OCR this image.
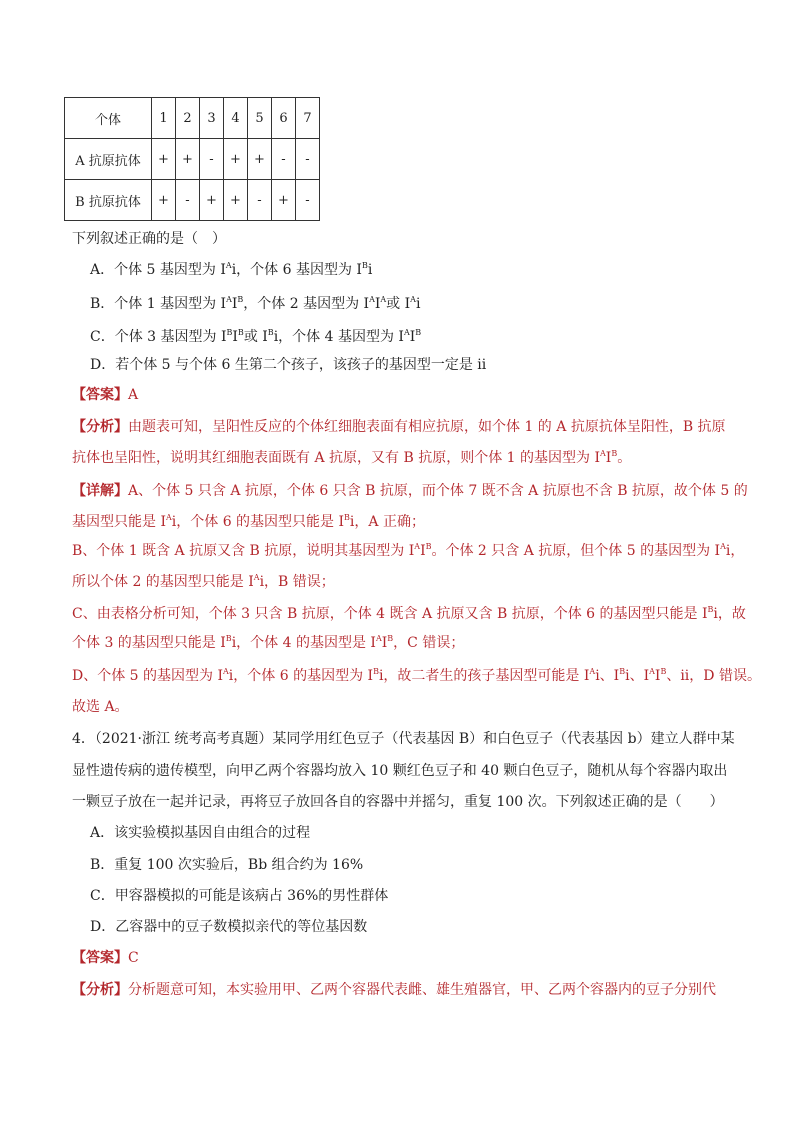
个体	1	2	3	4	5	6	7
A 抗原抗体	+	+	-	+	+	-	-
B 抗原抗体	+	-	+	+	-	+	-
下列叙述正确的是（　）
A．个体 5 基因型为 $I^Ai$，个体 6 基因型为 $I^Bi$
B．个体 1 基因型为 $I^AI^B$，个体 2 基因型为 $I^AI^A$或 $I^Ai$
C．个体 3 基因型为 $I^BI^B$或 $I^Bi$，个体 4 基因型为 $I^AI^B$
D．若个体 5 与个体 6 生第二个孩子，该孩子的基因型一定是 ii
【答案】A
【分析】由题表可知，呈阳性反应的个体红细胞表面有相应抗原，如个体 1 的 A 抗原抗体呈阳性，B 抗原
抗体也呈阳性，说明其红细胞表面既有 A 抗原，又有 B 抗原，则个体 1 的基因型为 $I^AI^B$。
【详解】A、个体 5 只含 A 抗原，个体 6 只含 B 抗原，而个体 7 既不含 A 抗原也不含 B 抗原，故个体 5 的
基因型只能是 $I^Ai$，个体 6 的基因型只能是 $I^Bi$，A 正确；
B、个体 1 既含 A 抗原又含 B 抗原，说明其基因型为 $I^AI^B$。个体 2 只含 A 抗原，但个体 5 的基因型为 $I^Ai$，
所以个体 2 的基因型只能是 $I^Ai$，B 错误；
C、由表格分析可知，个体 3 只含 B 抗原，个体 4 既含 A 抗原又含 B 抗原，个体 6 的基因型只能是 $I^Bi$，故
个体 3 的基因型只能是 $I^Bi$，个体 4 的基因型是 $I^AI^B$，C 错误；
D、个体 5 的基因型为 $I^Ai$，个体 6 的基因型为 $I^Bi$，故二者生的孩子基因型可能是 $I^Ai$、$I^Bi$、$I^AI^B$、ii，D 错误。
故选 A。
4．（2021·浙江 统考高考真题）某同学用红色豆子（代表基因 B）和白色豆子（代表基因 b）建立人群中某
显性遗传病的遗传模型，向甲乙两个容器均放入 10 颗红色豆子和 40 颗白色豆子，随机从每个容器内取出
一颗豆子放在一起并记录，再将豆子放回各自的容器中并摇匀，重复 100 次。下列叙述正确的是（　　）
A．该实验模拟基因自由组合的过程
B．重复 100 次实验后，Bb 组合约为 16%
C．甲容器模拟的可能是该病占 36%的男性群体
D．乙容器中的豆子数模拟亲代的等位基因数
【答案】C
【分析】分析题意可知，本实验用甲、乙两个容器代表雌、雄生殖器官，甲、乙两个容器内的豆子分别代
